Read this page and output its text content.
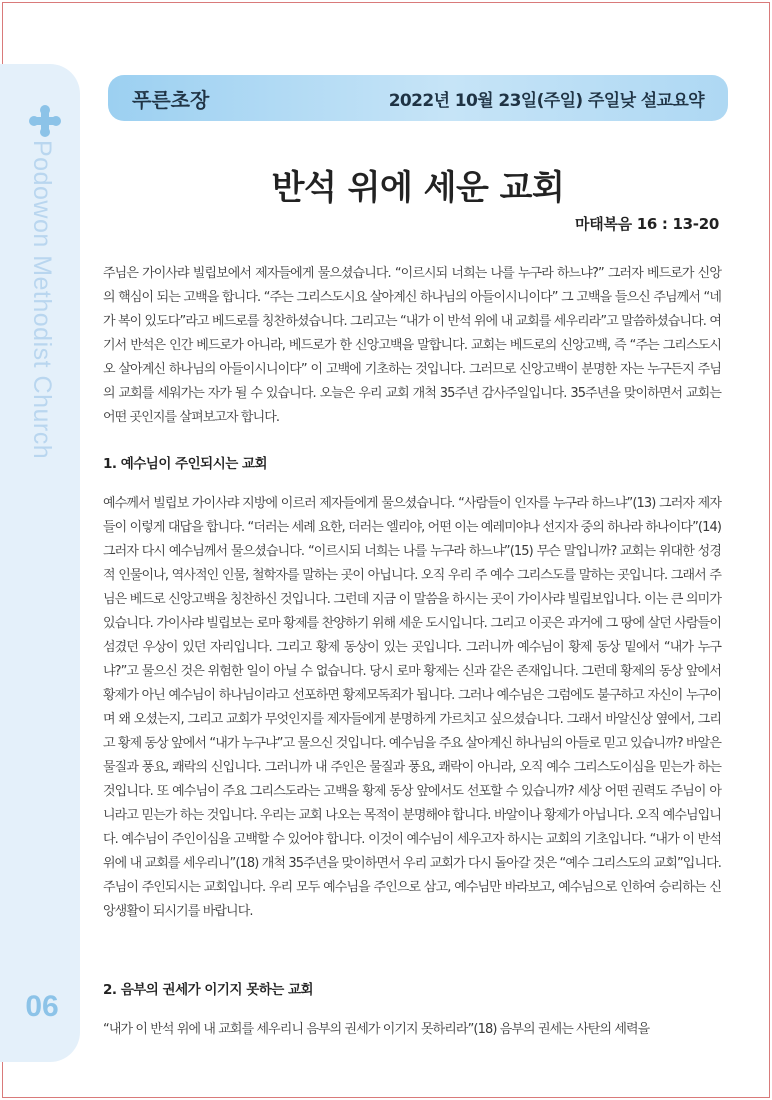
Podowon Methodist Church
06
푸른초장	2022년 10월 23일(주일) 주일낮 설교요약
반석 위에 세운 교회
마태복음 16 : 13-20

주님은 가이사랴 빌립보에서 제자들에게 물으셨습니다. “이르시되 너희는 나를 누구라 하느냐?” 그러자 베드로가 신앙의 핵심이 되는 고백을 합니다. “주는 그리스도시요 살아계신 하나님의 아들이시니이다” 그 고백을 들으신 주님께서 “네가 복이 있도다”라고 베드로를 칭찬하셨습니다. 그리고는 “내가 이 반석 위에 내 교회를 세우리라”고 말씀하셨습니다. 여기서 반석은 인간 베드로가 아니라, 베드로가 한 신앙고백을 말합니다. 교회는 베드로의 신앙고백, 즉 “주는 그리스도시오 살아계신 하나님의 아들이시니이다” 이 고백에 기초하는 것입니다. 그러므로 신앙고백이 분명한 자는 누구든지 주님의 교회를 세워가는 자가 될 수 있습니다. 오늘은 우리 교회 개척 35주년 감사주일입니다. 35주년을 맞이하면서 교회는 어떤 곳인지를 살펴보고자 합니다.

1. 예수님이 주인되시는 교회

예수께서 빌립보 가이사랴 지방에 이르러 제자들에게 물으셨습니다. “사람들이 인자를 누구라 하느냐”(13) 그러자 제자들이 이렇게 대답을 합니다. “더러는 세례 요한, 더러는 엘리야, 어떤 이는 예레미야나 선지자 중의 하나라 하나이다”(14) 그러자 다시 예수님께서 물으셨습니다. “이르시되 너희는 나를 누구라 하느냐”(15) 무슨 말입니까? 교회는 위대한 성경적 인물이나, 역사적인 인물, 철학자를 말하는 곳이 아닙니다. 오직 우리 주 예수 그리스도를 말하는 곳입니다. 그래서 주님은 베드로 신앙고백을 칭찬하신 것입니다. 그런데 지금 이 말씀을 하시는 곳이 가이사랴 빌립보입니다. 이는 큰 의미가 있습니다. 가이사랴 빌립보는 로마 황제를 찬양하기 위해 세운 도시입니다. 그리고 이곳은 과거에 그 땅에 살던 사람들이 섬겼던 우상이 있던 자리입니다. 그리고 황제 동상이 있는 곳입니다. 그러니까 예수님이 황제 동상 밑에서 “내가 누구냐?”고 물으신 것은 위험한 일이 아닐 수 없습니다. 당시 로마 황제는 신과 같은 존재입니다. 그런데 황제의 동상 앞에서 황제가 아닌 예수님이 하나님이라고 선포하면 황제모독죄가 됩니다. 그러나 예수님은 그럼에도 불구하고 자신이 누구이며 왜 오셨는지, 그리고 교회가 무엇인지를 제자들에게 분명하게 가르치고 싶으셨습니다. 그래서 바알신상 옆에서, 그리고 황제 동상 앞에서 “내가 누구냐”고 물으신 것입니다. 예수님을 주요 살아계신 하나님의 아들로 믿고 있습니까? 바알은 물질과 풍요, 쾌락의 신입니다. 그러니까 내 주인은 물질과 풍요, 쾌락이 아니라, 오직 예수 그리스도이심을 믿는가 하는 것입니다. 또 예수님이 주요 그리스도라는 고백을 황제 동상 앞에서도 선포할 수 있습니까? 세상 어떤 권력도 주님이 아니라고 믿는가 하는 것입니다. 우리는 교회 나오는 목적이 분명해야 합니다. 바알이나 황제가 아닙니다. 오직 예수님입니다. 예수님이 주인이심을 고백할 수 있어야 합니다. 이것이 예수님이 세우고자 하시는 교회의 기초입니다. “내가 이 반석 위에 내 교회를 세우리니”(18) 개척 35주년을 맞이하면서 우리 교회가 다시 돌아갈 것은 “예수 그리스도의 교회”입니다. 주님이 주인되시는 교회입니다. 우리 모두 예수님을 주인으로 삼고, 예수님만 바라보고, 예수님으로 인하여 승리하는 신앙생활이 되시기를 바랍니다.

2. 음부의 권세가 이기지 못하는 교회

“내가 이 반석 위에 내 교회를 세우리니 음부의 권세가 이기지 못하리라”(18) 음부의 권세는 사탄의 세력을
